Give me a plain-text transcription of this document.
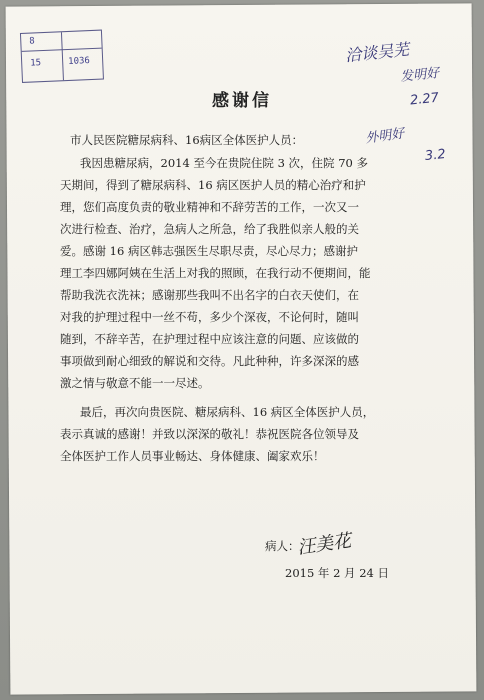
8
15	1036	洽谈吴芜
发明好
2.27
外明好
3.2
感谢信
市人民医院糖尿病科、16病区全体医护人员：
我因患糖尿病，2014 至今在贵院住院 3 次，住院 70 多
天期间，得到了糖尿病科、16 病区医护人员的精心治疗和护
理，您们高度负责的敬业精神和不辞劳苦的工作，一次又一
次进行检查、治疗，急病人之所急，给了我胜似亲人般的关
爱。感谢 16 病区韩志强医生尽职尽责，尽心尽力；感谢护
理工李四娜阿姨在生活上对我的照顾，在我行动不便期间，能
帮助我洗衣洗袜；感谢那些我叫不出名字的白衣天使们，在
对我的护理过程中一丝不苟，多少个深夜，不论何时，随叫
随到，不辞辛苦，在护理过程中应该注意的问题、应该做的
事项做到耐心细致的解说和交待。凡此种种，许多深深的感
激之情与敬意不能一一尽述。
最后，再次向贵医院、糖尿病科、16 病区全体医护人员，
表示真诚的感谢！并致以深深的敬礼！恭祝医院各位领导及
全体医护工作人员事业畅达、身体健康、阖家欢乐！
病人：
汪美花
2015 年 2 月 24 日
